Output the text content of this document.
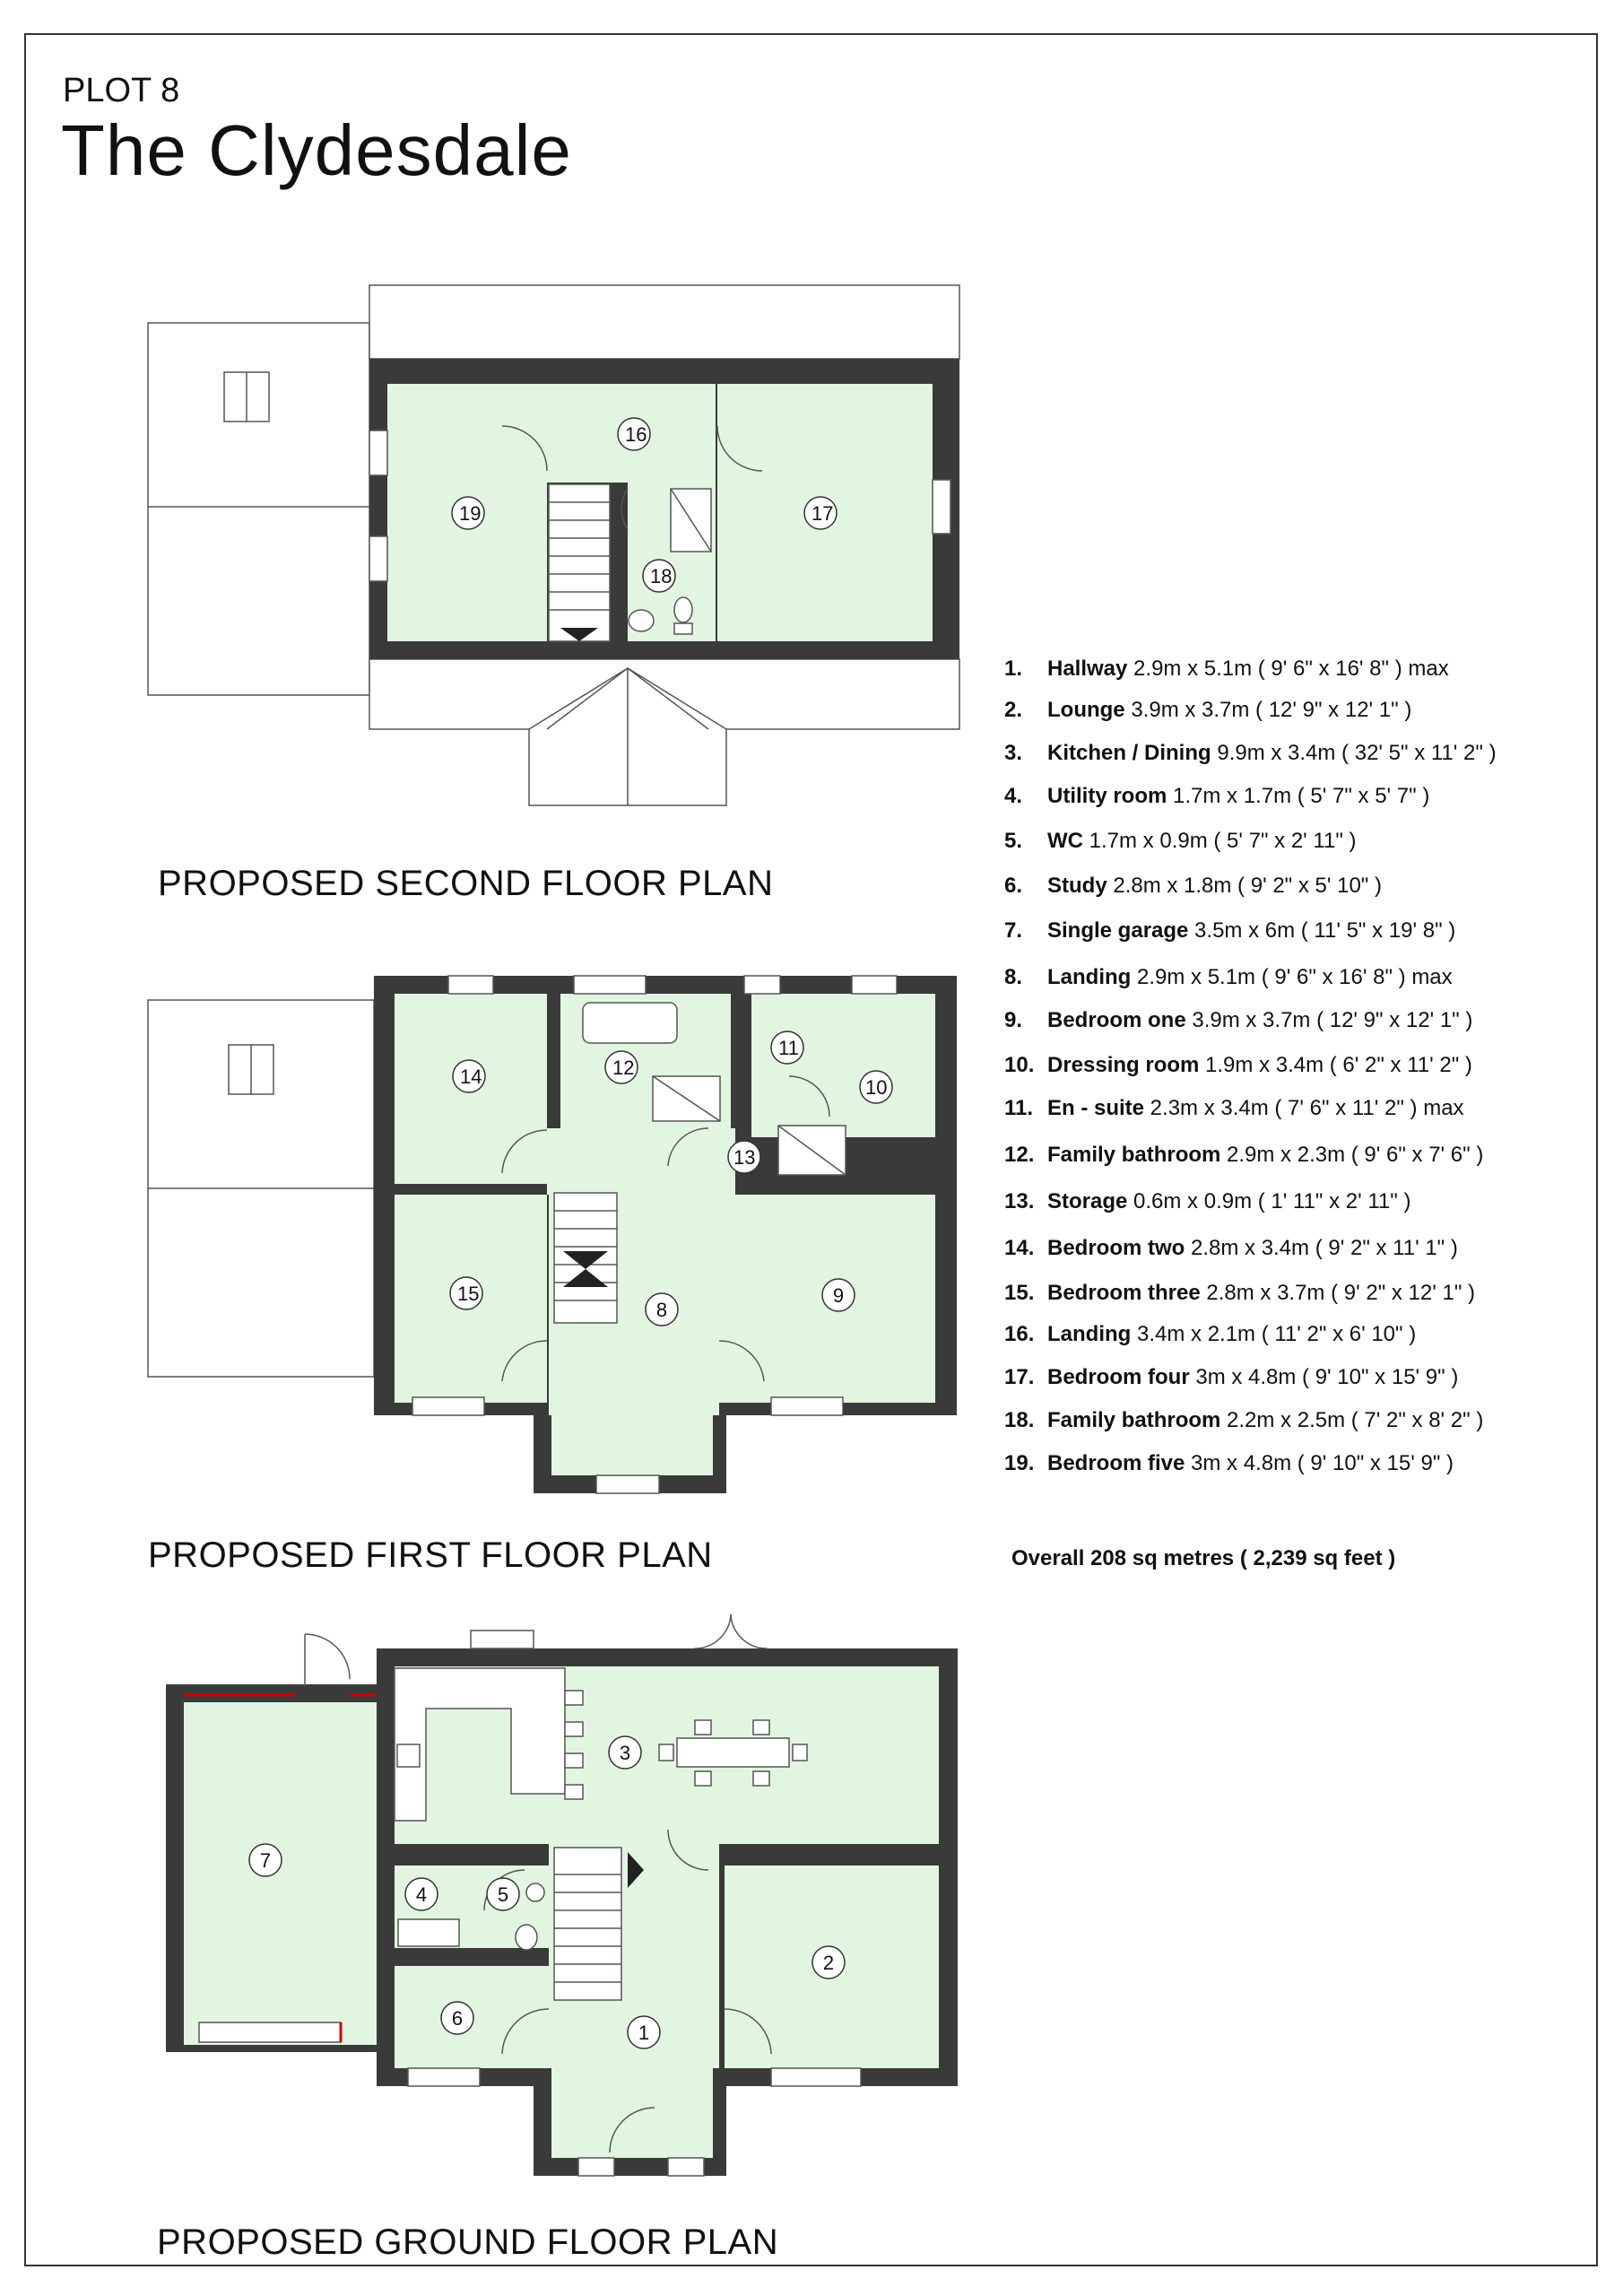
PLOT 8
The Clydesdale
16
19	17
18
14	12
11
10
13
15
8
9
3
7
4	5
2
6
1
PROPOSED SECOND FLOOR PLAN
PROPOSED FIRST FLOOR PLAN
PROPOSED GROUND FLOOR PLAN
1. Hallway 2.9m x 5.1m ( 9' 6" x 16' 8" ) max
2. Lounge 3.9m x 3.7m ( 12' 9" x 12' 1" )
3. Kitchen / Dining 9.9m x 3.4m ( 32' 5" x 11' 2" )
4. Utility room 1.7m x 1.7m ( 5' 7" x 5' 7" )
5. WC 1.7m x 0.9m ( 5' 7" x 2' 11" )
6. Study 2.8m x 1.8m ( 9' 2" x 5' 10" )
7. Single garage 3.5m x 6m ( 11' 5" x 19' 8" )
8. Landing 2.9m x 5.1m ( 9' 6" x 16' 8" ) max
9. Bedroom one 3.9m x 3.7m ( 12' 9" x 12' 1" )
10. Dressing room 1.9m x 3.4m ( 6' 2" x 11' 2" )
11. En - suite 2.3m x 3.4m ( 7' 6" x 11' 2" ) max
12. Family bathroom 2.9m x 2.3m ( 9' 6" x 7' 6" )
13. Storage 0.6m x 0.9m ( 1' 11" x 2' 11" )
14. Bedroom two 2.8m x 3.4m ( 9' 2" x 11' 1" )
15. Bedroom three 2.8m x 3.7m ( 9' 2" x 12' 1" )
16. Landing 3.4m x 2.1m ( 11' 2" x 6' 10" )
17. Bedroom four 3m x 4.8m ( 9' 10" x 15' 9" )
18. Family bathroom 2.2m x 2.5m ( 7' 2" x 8' 2" )
19. Bedroom five 3m x 4.8m ( 9' 10" x 15' 9" )
Overall 208 sq metres ( 2,239 sq feet )
